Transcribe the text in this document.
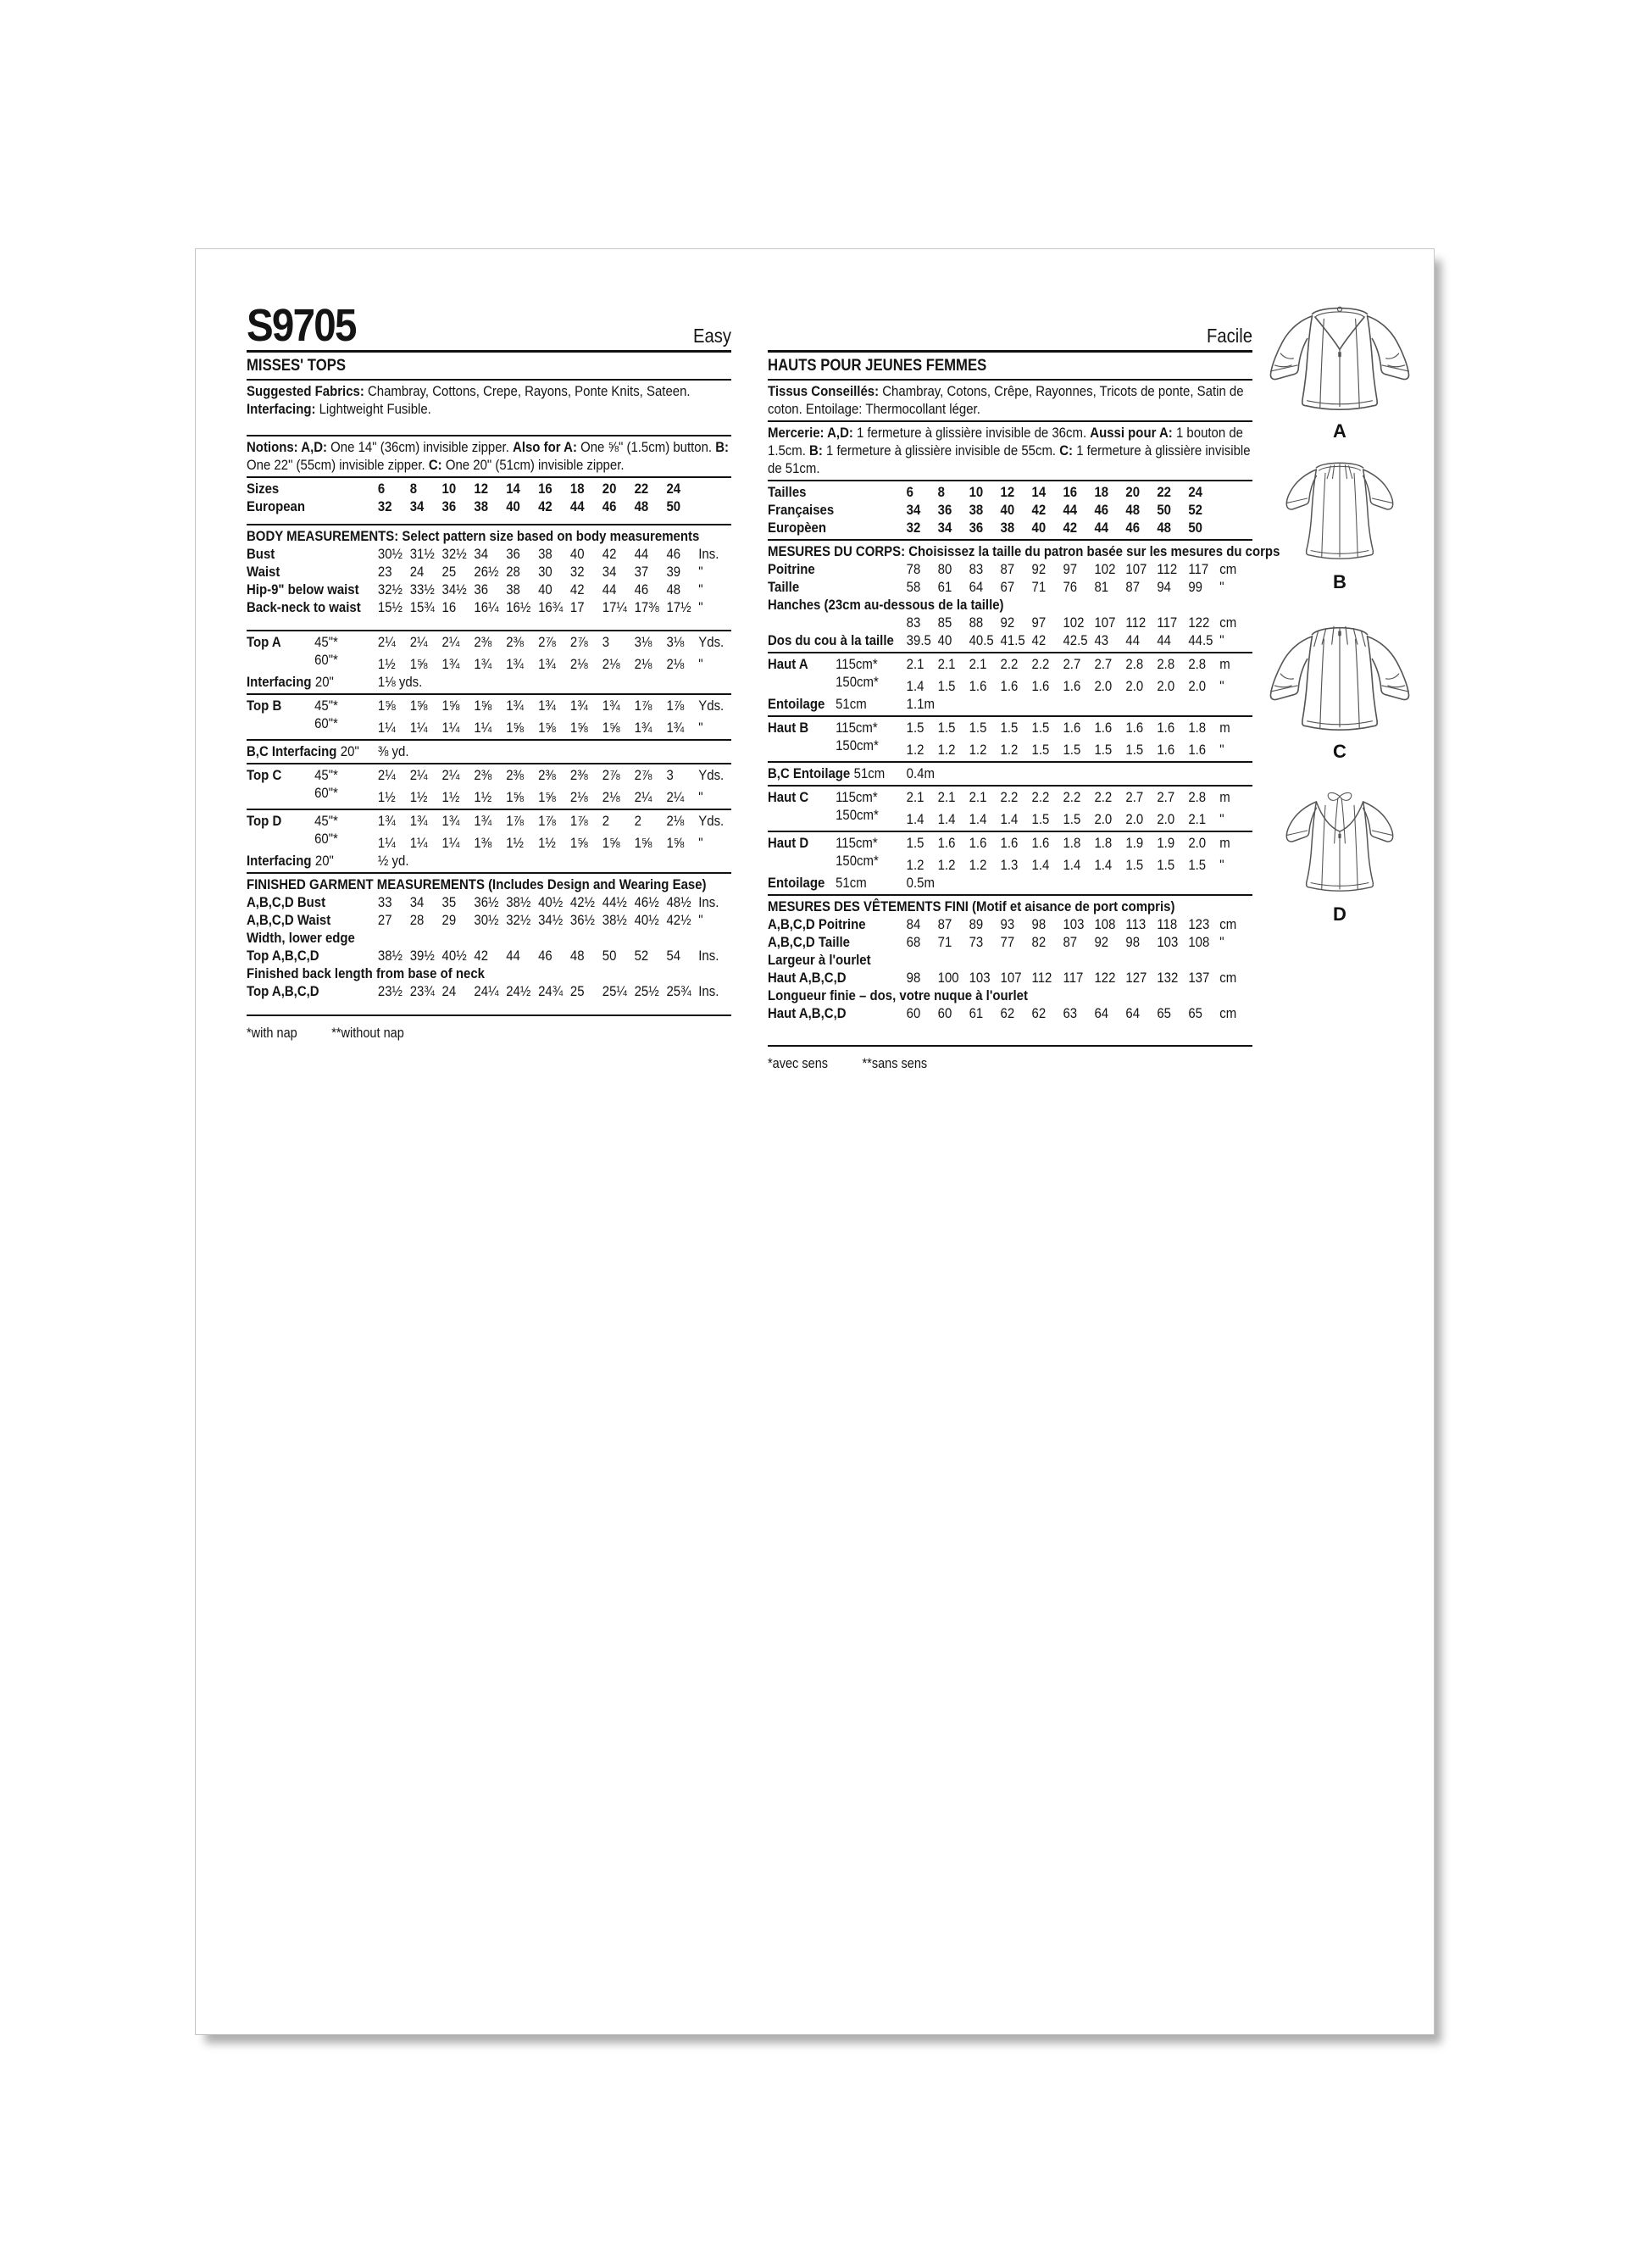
S9705	Easy
MISSES' TOPS
Suggested Fabrics: Chambray, Cottons, Crepe, Rayons, Ponte Knits, Sateen. Interfacing: Lightweight Fusible.
Notions: A,D: One 14" (36cm) invisible zipper. Also for A: One ⅝" (1.5cm) button. B: One 22" (55cm) invisible zipper. C: One 20" (51cm) invisible zipper.
Sizes	6	8	10	12	14	16	18	20	22	24
European	32	34	36	38	40	42	44	46	48	50
BODY MEASUREMENTS: Select pattern size based on body measurements
Bust	30½ 31½ 32½ 34	36	38	40	42	44	46	Ins.
Waist	23	24	25	26½ 28	30	32	34	37	39	"
Hip-9" below waist 32½ 33½ 34½ 36	38	40	42	44	46	48	"
Back-neck to waist 15½ 15¾ 16	16¼ 16½ 16¾ 17	17¼ 17⅜ 17½ "
Top A	45"*	2¼	2¼	2¼	2⅜	2⅜	2⅞	2⅞	3	3⅛	3⅛	Yds.
60"*	1½	1⅝	1¾	1¾	1¾	1¾	2⅛	2⅛	2⅛	2⅛	"
Interfacing 20"	1⅛ yds.
Top B	45"*	1⅝	1⅝	1⅝	1⅝	1¾	1¾	1¾	1¾	1⅞	1⅞	Yds.
60"*	1¼	1¼	1¼	1¼	1⅝	1⅝	1⅝	1⅝	1¾	1¾	"
B,C Interfacing 20" ⅜ yd.
Top C	45"*	2¼	2¼	2¼	2⅜	2⅜	2⅜	2⅜	2⅞	2⅞	3	Yds.
60"*	1½	1½	1½	1½	1⅝	1⅝	2⅛	2⅛	2¼	2¼	"
Top D	45"*	1¾	1¾	1¾	1¾	1⅞	1⅞	1⅞	2	2	2⅛	Yds.
60"*	1¼	1¼	1¼	1⅜	1½	1½	1⅝	1⅝	1⅝	1⅝	"
Interfacing 20"	½ yd.
FINISHED GARMENT MEASUREMENTS (Includes Design and Wearing Ease)
A,B,C,D Bust	33	34	35	36½ 38½ 40½ 42½ 44½ 46½ 48½ Ins.
A,B,C,D Waist	27	28	29	30½ 32½ 34½ 36½ 38½ 40½ 42½ "
Width, lower edge
Top A,B,C,D	38½ 39½ 40½ 42	44	46	48	50	52	54	Ins.
Finished back length from base of neck
Top A,B,C,D	23½ 23¾ 24	24¼ 24½ 24¾ 25	25¼ 25½ 25¾ Ins.
*with nap **without nap
Facile
HAUTS POUR JEUNES FEMMES
Tissus Conseillés: Chambray, Cotons, Crêpe, Rayonnes, Tricots de ponte, Satin de coton. Entoilage: Thermocollant léger.
Mercerie: A,D: 1 fermeture à glissière invisible de 36cm. Aussi pour A: 1 bouton de 1.5cm. B: 1 fermeture à glissière invisible de 55cm. C: 1 fermeture à glissière invisible de 51cm.
Tailles	6	8	10	12	14	16	18	20	22	24
Françaises	34	36	38	40	42	44	46	48	50	52
Europèen	32	34	36	38	40	42	44	46	48	50
MESURES DU CORPS: Choisissez la taille du patron basée sur les mesures du corps
Poitrine	78	80	83	87	92	97	102 107 112 117 cm
Taille	58	61	64	67	71	76	81	87	94	99	"
Hanches (23cm au-dessous de la taille)
83	85	88	92	97	102 107 112 117 122 cm
Dos du cou à la taille 39.5 40	40.5 41.5 42	42.5 43	44	44	44.5 "
Haut A	115cm* 2.1 2.1 2.1 2.2 2.2 2.7 2.7 2.8 2.8 2.8 m
150cm* 1.4 1.5 1.6 1.6 1.6 1.6 2.0 2.0 2.0 2.0 "
Entoilage 51cm	1.1m
Haut B	115cm* 1.5 1.5 1.5 1.5 1.5 1.6 1.6 1.6 1.6 1.8 m
150cm* 1.2 1.2 1.2 1.2 1.5 1.5 1.5 1.5 1.6 1.6 "
B,C Entoilage 51cm 0.4m
Haut C	115cm* 2.1 2.1 2.1 2.2 2.2 2.2 2.2 2.7 2.7 2.8 m
150cm* 1.4 1.4 1.4 1.4 1.5 1.5 2.0 2.0 2.0 2.1 "
Haut D	115cm* 1.5 1.6 1.6 1.6 1.6 1.8 1.8 1.9 1.9 2.0 m
150cm* 1.2 1.2 1.2 1.3 1.4 1.4 1.4 1.5 1.5 1.5 "
Entoilage 51cm	0.5m
MESURES DES VÊTEMENTS FINI (Motif et aisance de port compris)
A,B,C,D Poitrine	84	87	89	93	98	103 108 113 118 123 cm
A,B,C,D Taille	68	71	73	77	82	87	92	98	103 108 "
Largeur à l'ourlet
Haut A,B,C,D	98	100 103 107 112 117 122 127 132 137 cm
Longueur finie – dos, votre nuque à l'ourlet
Haut A,B,C,D	60	60	61	62	62	63	64	64	65	65	cm
*avec sens **sans sens
A
B
C
D
